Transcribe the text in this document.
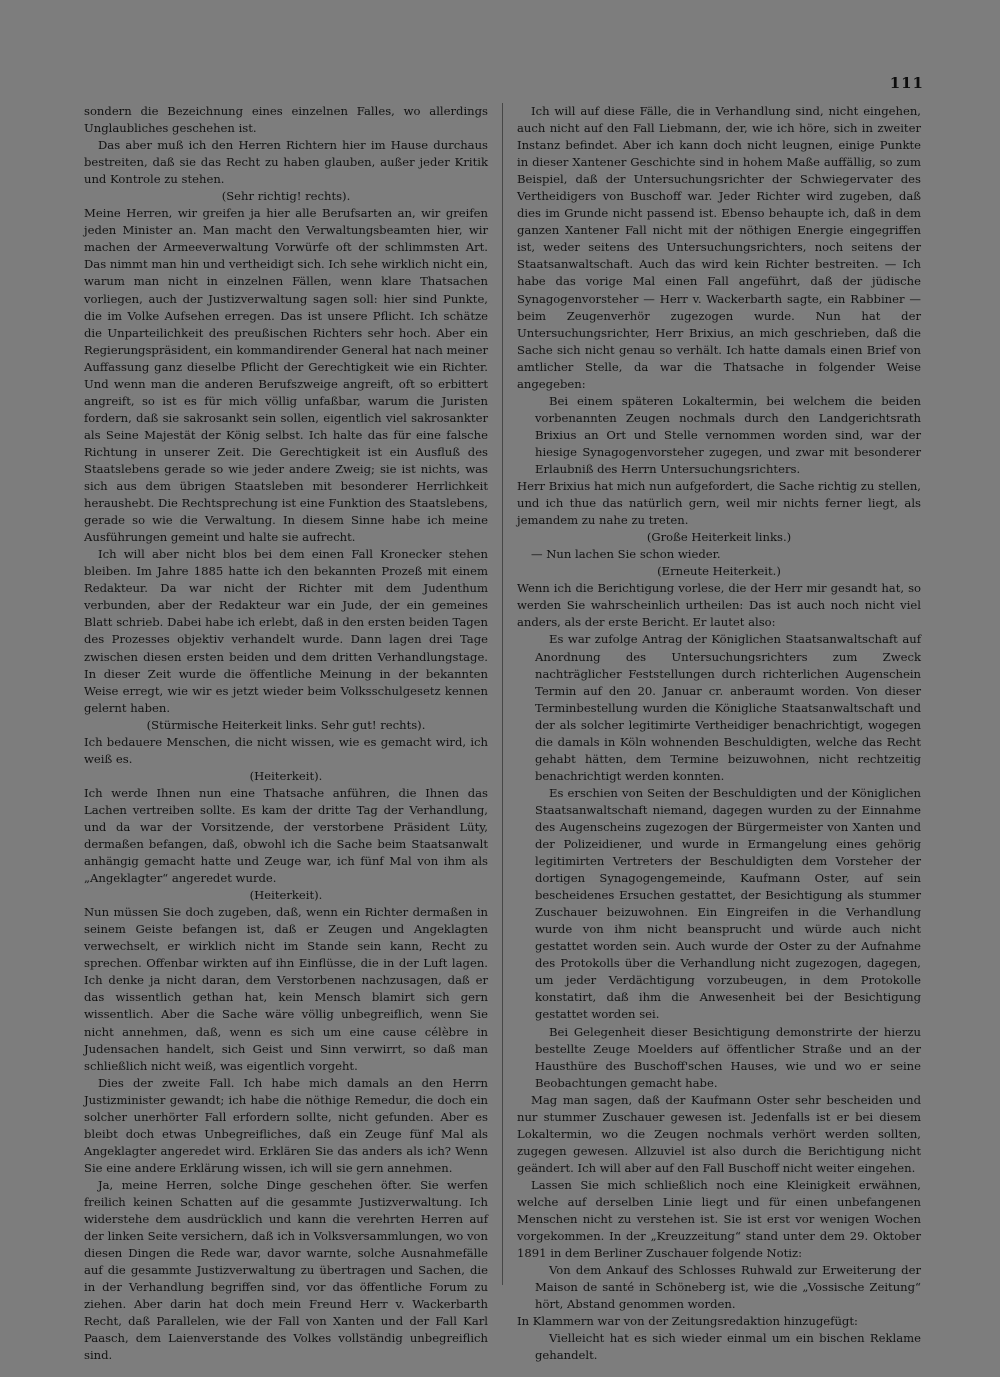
111

sondern die Bezeichnung eines einzelnen Falles, wo allerdings Unglaubliches geschehen ist.

Das aber muß ich den Herren Richtern hier im Hause durchaus bestreiten, daß sie das Recht zu haben glauben, außer jeder Kritik und Kontrole zu stehen.

(Sehr richtig! rechts).

Meine Herren, wir greifen ja hier alle Berufsarten an, wir greifen jeden Minister an. Man macht den Verwaltungsbeamten hier, wir machen der Armeeverwaltung Vorwürfe oft der schlimmsten Art. Das nimmt man hin und vertheidigt sich. Ich sehe wirklich nicht ein, warum man nicht in einzelnen Fällen, wenn klare Thatsachen vorliegen, auch der Justizverwaltung sagen soll: hier sind Punkte, die im Volke Aufsehen erregen. Das ist unsere Pflicht. Ich schätze die Unparteilichkeit des preußischen Richters sehr hoch. Aber ein Regierungspräsident, ein kommandirender General hat nach meiner Auffassung ganz dieselbe Pflicht der Gerechtigkeit wie ein Richter. Und wenn man die anderen Berufszweige angreift, oft so erbittert angreift, so ist es für mich völlig unfaßbar, warum die Juristen fordern, daß sie sakrosankt sein sollen, eigentlich viel sakrosankter als Seine Majestät der König selbst. Ich halte das für eine falsche Richtung in unserer Zeit. Die Gerechtigkeit ist ein Ausfluß des Staatslebens gerade so wie jeder andere Zweig; sie ist nichts, was sich aus dem übrigen Staatsleben mit besonderer Herrlichkeit heraushebt. Die Rechtsprechung ist eine Funktion des Staatslebens, gerade so wie die Verwaltung. In diesem Sinne habe ich meine Ausführungen gemeint und halte sie aufrecht.

Ich will aber nicht blos bei dem einen Fall Kronecker stehen bleiben. Im Jahre 1885 hatte ich den bekannten Prozeß mit einem Redakteur. Da war nicht der Richter mit dem Judenthum verbunden, aber der Redakteur war ein Jude, der ein gemeines Blatt schrieb. Dabei habe ich erlebt, daß in den ersten beiden Tagen des Prozesses objektiv verhandelt wurde. Dann lagen drei Tage zwischen diesen ersten beiden und dem dritten Verhandlungstage. In dieser Zeit wurde die öffentliche Meinung in der bekannten Weise erregt, wie wir es jetzt wieder beim Volksschulgesetz kennen gelernt haben.

(Stürmische Heiterkeit links. Sehr gut! rechts).

Ich bedauere Menschen, die nicht wissen, wie es gemacht wird, ich weiß es.

(Heiterkeit).

Ich werde Ihnen nun eine Thatsache anführen, die Ihnen das Lachen vertreiben sollte. Es kam der dritte Tag der Verhandlung, und da war der Vorsitzende, der verstorbene Präsident Lüty, dermaßen befangen, daß, obwohl ich die Sache beim Staatsanwalt anhängig gemacht hatte und Zeuge war, ich fünf Mal von ihm als „Angeklagter“ angeredet wurde.

(Heiterkeit).

Nun müssen Sie doch zugeben, daß, wenn ein Richter dermaßen in seinem Geiste befangen ist, daß er Zeugen und Angeklagten verwechselt, er wirklich nicht im Stande sein kann, Recht zu sprechen. Offenbar wirkten auf ihn Einflüsse, die in der Luft lagen. Ich denke ja nicht daran, dem Verstorbenen nachzusagen, daß er das wissentlich gethan hat, kein Mensch blamirt sich gern wissentlich. Aber die Sache wäre völlig unbegreiflich, wenn Sie nicht annehmen, daß, wenn es sich um eine cause célèbre in Judensachen handelt, sich Geist und Sinn verwirrt, so daß man schließlich nicht weiß, was eigentlich vorgeht.

Dies der zweite Fall. Ich habe mich damals an den Herrn Justizminister gewandt; ich habe die nöthige Remedur, die doch ein solcher unerhörter Fall erfordern sollte, nicht gefunden. Aber es bleibt doch etwas Unbegreifliches, daß ein Zeuge fünf Mal als Angeklagter angeredet wird. Erklären Sie das anders als ich? Wenn Sie eine andere Erklärung wissen, ich will sie gern annehmen.

Ja, meine Herren, solche Dinge geschehen öfter. Sie werfen freilich keinen Schatten auf die gesammte Justizverwaltung. Ich widerstehe dem ausdrücklich und kann die verehrten Herren auf der linken Seite versichern, daß ich in Volksversammlungen, wo von diesen Dingen die Rede war, davor warnte, solche Ausnahmefälle auf die gesammte Justizverwaltung zu übertragen und Sachen, die in der Verhandlung begriffen sind, vor das öffentliche Forum zu ziehen. Aber darin hat doch mein Freund Herr v. Wackerbarth Recht, daß Parallelen, wie der Fall von Xanten und der Fall Karl Paasch, dem Laienverstande des Volkes vollständig unbegreiflich sind.

Ich will auf diese Fälle, die in Verhandlung sind, nicht eingehen, auch nicht auf den Fall Liebmann, der, wie ich höre, sich in zweiter Instanz befindet. Aber ich kann doch nicht leugnen, einige Punkte in dieser Xantener Geschichte sind in hohem Maße auffällig, so zum Beispiel, daß der Untersuchungsrichter der Schwiegervater des Vertheidigers von Buschoff war. Jeder Richter wird zugeben, daß dies im Grunde nicht passend ist. Ebenso behaupte ich, daß in dem ganzen Xantener Fall nicht mit der nöthigen Energie eingegriffen ist, weder seitens des Untersuchungsrichters, noch seitens der Staatsanwaltschaft. Auch das wird kein Richter bestreiten. — Ich habe das vorige Mal einen Fall angeführt, daß der jüdische Synagogenvorsteher — Herr v. Wackerbarth sagte, ein Rabbiner — beim Zeugenverhör zugezogen wurde. Nun hat der Untersuchungsrichter, Herr Brixius, an mich geschrieben, daß die Sache sich nicht genau so verhält. Ich hatte damals einen Brief von amtlicher Stelle, da war die Thatsache in folgender Weise angegeben:

Bei einem späteren Lokaltermin, bei welchem die beiden vorbenannten Zeugen nochmals durch den Landgerichtsrath Brixius an Ort und Stelle vernommen worden sind, war der hiesige Synagogenvorsteher zugegen, und zwar mit besonderer Erlaubniß des Herrn Untersuchungsrichters.

Herr Brixius hat mich nun aufgefordert, die Sache richtig zu stellen, und ich thue das natürlich gern, weil mir nichts ferner liegt, als jemandem zu nahe zu treten.

(Große Heiterkeit links.)

— Nun lachen Sie schon wieder.

(Erneute Heiterkeit.)

Wenn ich die Berichtigung vorlese, die der Herr mir gesandt hat, so werden Sie wahrscheinlich urtheilen: Das ist auch noch nicht viel anders, als der erste Bericht. Er lautet also:

Es war zufolge Antrag der Königlichen Staatsanwaltschaft auf Anordnung des Untersuchungsrichters zum Zweck nachträglicher Feststellungen durch richterlichen Augenschein Termin auf den 20. Januar cr. anberaumt worden. Von dieser Terminbestellung wurden die Königliche Staatsanwaltschaft und der als solcher legitimirte Vertheidiger benachrichtigt, wogegen die damals in Köln wohnenden Beschuldigten, welche das Recht gehabt hätten, dem Termine beizuwohnen, nicht rechtzeitig benachrichtigt werden konnten.

Es erschien von Seiten der Beschuldigten und der Königlichen Staatsanwaltschaft niemand, dagegen wurden zu der Einnahme des Augenscheins zugezogen der Bürgermeister von Xanten und der Polizeidiener, und wurde in Ermangelung eines gehörig legitimirten Vertreters der Beschuldigten dem Vorsteher der dortigen Synagogengemeinde, Kaufmann Oster, auf sein bescheidenes Ersuchen gestattet, der Besichtigung als stummer Zuschauer beizuwohnen. Ein Eingreifen in die Verhandlung wurde von ihm nicht beansprucht und würde auch nicht gestattet worden sein. Auch wurde der Oster zu der Aufnahme des Protokolls über die Verhandlung nicht zugezogen, dagegen, um jeder Verdächtigung vorzubeugen, in dem Protokolle konstatirt, daß ihm die Anwesenheit bei der Besichtigung gestattet worden sei.

Bei Gelegenheit dieser Besichtigung demonstrirte der hierzu bestellte Zeuge Moelders auf öffentlicher Straße und an der Hausthüre des Buschoff'schen Hauses, wie und wo er seine Beobachtungen gemacht habe.

Mag man sagen, daß der Kaufmann Oster sehr bescheiden und nur stummer Zuschauer gewesen ist. Jedenfalls ist er bei diesem Lokaltermin, wo die Zeugen nochmals verhört werden sollten, zugegen gewesen. Allzuviel ist also durch die Berichtigung nicht geändert. Ich will aber auf den Fall Buschoff nicht weiter eingehen.

Lassen Sie mich schließlich noch eine Kleinigkeit erwähnen, welche auf derselben Linie liegt und für einen unbefangenen Menschen nicht zu verstehen ist. Sie ist erst vor wenigen Wochen vorgekommen. In der „Kreuzzeitung“ stand unter dem 29. Oktober 1891 in dem Berliner Zuschauer folgende Notiz:

Von dem Ankauf des Schlosses Ruhwald zur Erweiterung der Maison de santé in Schöneberg ist, wie die „Vossische Zeitung“ hört, Abstand genommen worden.

In Klammern war von der Zeitungsredaktion hinzugefügt:

Vielleicht hat es sich wieder einmal um ein bischen Reklame gehandelt.
